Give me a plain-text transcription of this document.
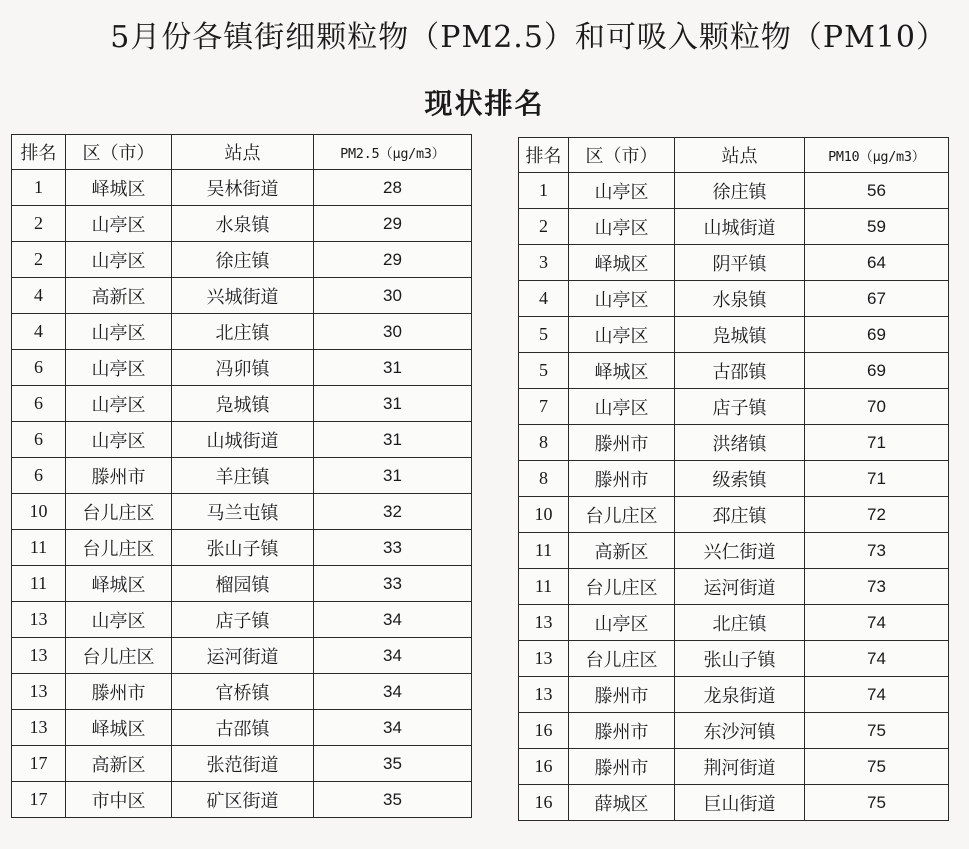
5月份各镇街细颗粒物（PM2.5）和可吸入颗粒物（PM10）
现状排名
排名	区（市）	站点	PM2.5（μg/m3）
1	峄城区	吴林街道	28
2	山亭区	水泉镇	29
2	山亭区	徐庄镇	29
4	高新区	兴城街道	30
4	山亭区	北庄镇	30
6	山亭区	冯卯镇	31
6	山亭区	凫城镇	31
6	山亭区	山城街道	31
6	滕州市	羊庄镇	31
10	台儿庄区	马兰屯镇	32
11	台儿庄区	张山子镇	33
11	峄城区	榴园镇	33
13	山亭区	店子镇	34
13	台儿庄区	运河街道	34
13	滕州市	官桥镇	34
13	峄城区	古邵镇	34
17	高新区	张范街道	35
17	市中区	矿区街道	35
排名	区（市）	站点	PM10（μg/m3）
1	山亭区	徐庄镇	56
2	山亭区	山城街道	59
3	峄城区	阴平镇	64
4	山亭区	水泉镇	67
5	山亭区	凫城镇	69
5	峄城区	古邵镇	69
7	山亭区	店子镇	70
8	滕州市	洪绪镇	71
8	滕州市	级索镇	71
10	台儿庄区	邳庄镇	72
11	高新区	兴仁街道	73
11	台儿庄区	运河街道	73
13	山亭区	北庄镇	74
13	台儿庄区	张山子镇	74
13	滕州市	龙泉街道	74
16	滕州市	东沙河镇	75
16	滕州市	荆河街道	75
16	薛城区	巨山街道	75
